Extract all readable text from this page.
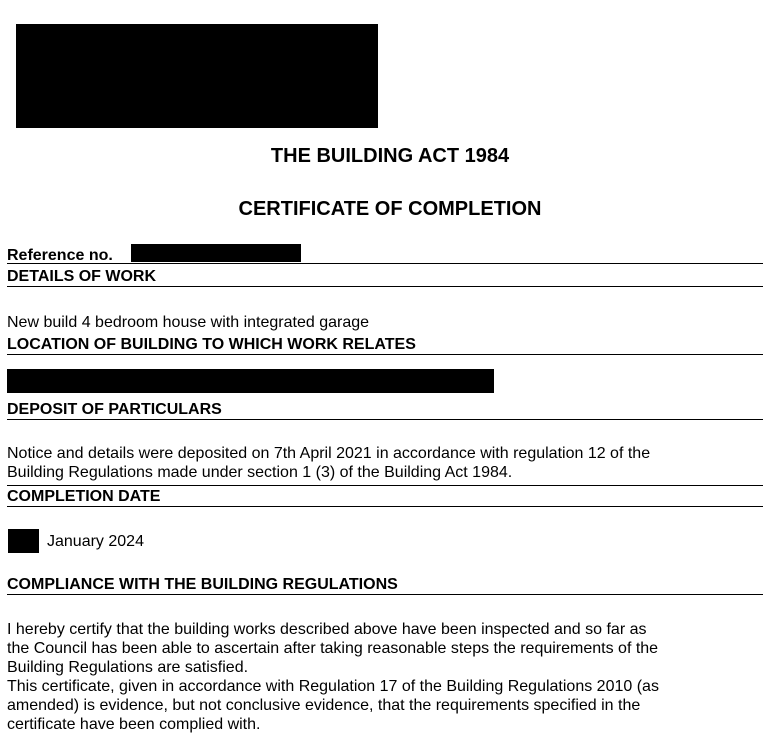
THE BUILDING ACT 1984
CERTIFICATE OF COMPLETION
Reference no.
DETAILS OF WORK
New build 4 bedroom house with integrated garage
LOCATION OF BUILDING TO WHICH WORK RELATES
DEPOSIT OF PARTICULARS
Notice and details were deposited on 7th April 2021 in accordance with regulation 12 of the
Building Regulations made under section 1 (3) of the Building Act 1984.
COMPLETION DATE
January 2024
COMPLIANCE WITH THE BUILDING REGULATIONS
I hereby certify that the building works described above have been inspected and so far as
the Council has been able to ascertain after taking reasonable steps the requirements of the
Building Regulations are satisfied.
This certificate, given in accordance with Regulation 17 of the Building Regulations 2010 (as
amended) is evidence, but not conclusive evidence, that the requirements specified in the
certificate have been complied with.
